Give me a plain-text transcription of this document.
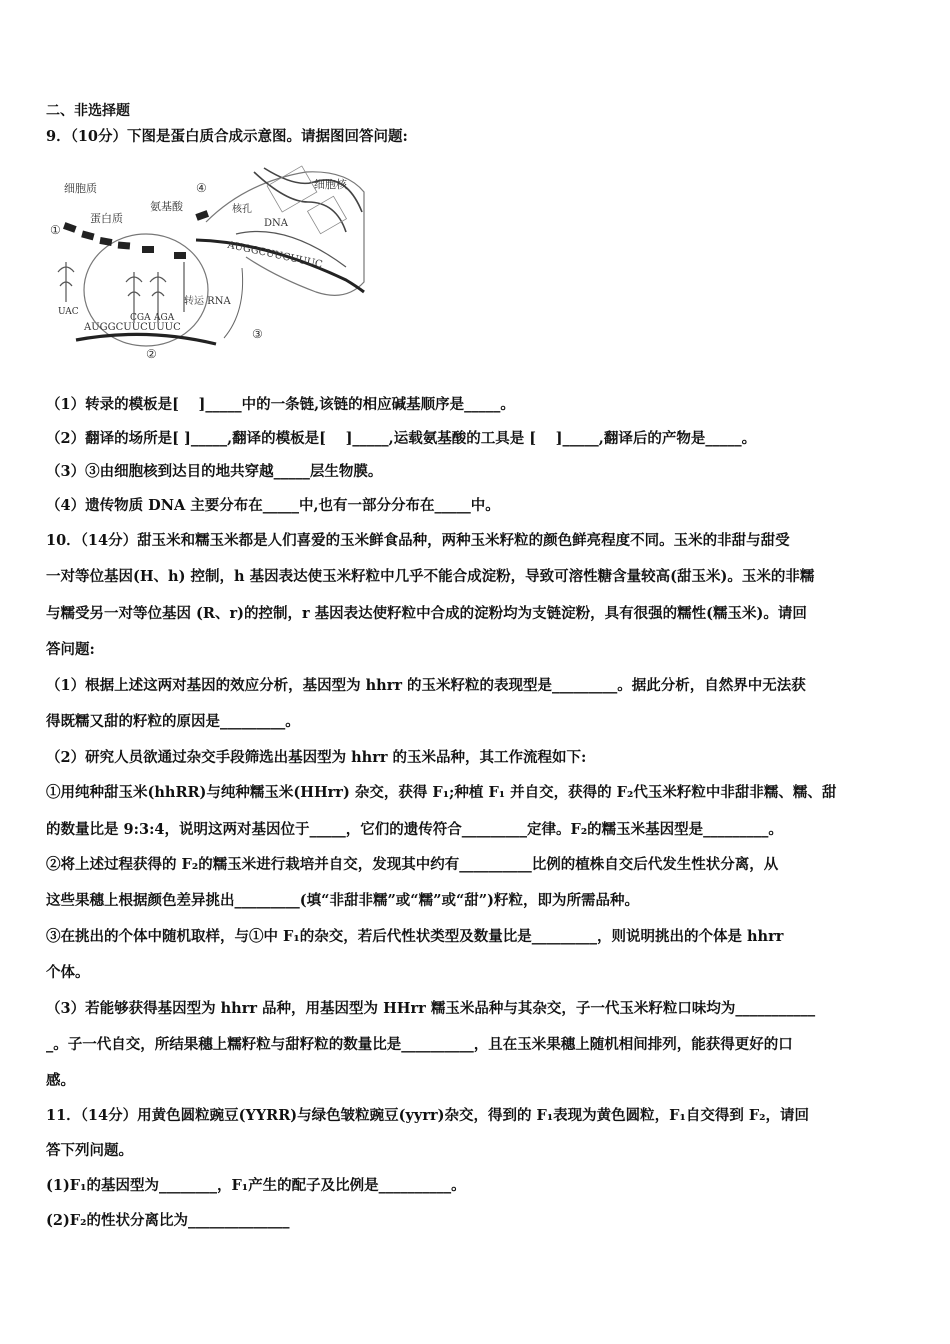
二、非选择题
9．（10分）下图是蛋白质合成示意图。请据图回答问题:
细胞质	细胞核
蛋白质
氨基酸	核孔
DNA
转运 RNA
AUGGCUUCUUUC
AUGGCUUCUUUC
UAC
CGA AGA
①
②
③
④
（1）转录的模板是[　 ]_____中的一条链,该链的相应碱基顺序是_____。
（2）翻译的场所是[ ]_____,翻译的模板是[　 ]_____,运载氨基酸的工具是 [　 ]_____,翻译后的产物是_____。
（3）③由细胞核到达目的地共穿越_____层生物膜。
（4）遗传物质 DNA 主要分布在_____中,也有一部分分布在_____中。
10．（14分）甜玉米和糯玉米都是人们喜爱的玉米鲜食品种，两种玉米籽粒的颜色鲜亮程度不同。玉米的非甜与甜受
一对等位基因(H、h) 控制，h 基因表达使玉米籽粒中几乎不能合成淀粉，导致可溶性糖含量较高(甜玉米)。玉米的非糯
与糯受另一对等位基因 (R、r)的控制，r 基因表达使籽粒中合成的淀粉均为支链淀粉，具有很强的糯性(糯玉米)。请回
答问题:
（1）根据上述这两对基因的效应分析，基因型为 hhrr 的玉米籽粒的表现型是_________。据此分析，自然界中无法获
得既糯又甜的籽粒的原因是_________。
（2）研究人员欲通过杂交手段筛选出基因型为 hhrr 的玉米品种，其工作流程如下:
①用纯种甜玉米(hhRR)与纯种糯玉米(HHrr) 杂交，获得 F₁;种植 F₁ 并自交，获得的 F₂代玉米籽粒中非甜非糯、糯、甜
的数量比是 9:3:4，说明这两对基因位于_____，它们的遗传符合_________定律。F₂的糯玉米基因型是_________。
②将上述过程获得的 F₂的糯玉米进行栽培并自交，发现其中约有__________比例的植株自交后代发生性状分离，从
这些果穗上根据颜色差异挑出_________(填“非甜非糯”或“糯”或“甜”)籽粒，即为所需品种。
③在挑出的个体中随机取样，与①中 F₁的杂交，若后代性状类型及数量比是_________，则说明挑出的个体是 hhrr
个体。
（3）若能够获得基因型为 hhrr 品种，用基因型为 HHrr 糯玉米品种与其杂交，子一代玉米籽粒口味均为___________
_。子一代自交，所结果穗上糯籽粒与甜籽粒的数量比是__________，且在玉米果穗上随机相间排列，能获得更好的口
感。
11．（14分）用黄色圆粒豌豆(YYRR)与绿色皱粒豌豆(yyrr)杂交，得到的 F₁表现为黄色圆粒，F₁自交得到 F₂，请回
答下列问题。
(1)F₁的基因型为________，F₁产生的配子及比例是__________。
(2)F₂的性状分离比为______________
